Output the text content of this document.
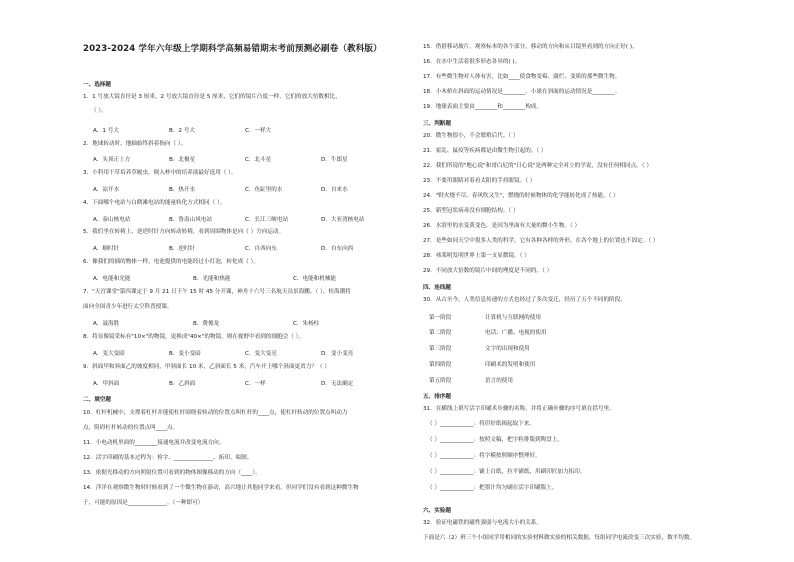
2023-2024 学年六年级上学期科学高频易错期末考前预测必刷卷（教科版）
一、选择题
1．1 号放大镜直径是 3 厘米，2 号放大镜直径是 5 厘米，它们的镜片凸度一样，它们的放大倍数相比，
（ ）。
A．1 号大	B．2 号大	C．一样大
2．地球转动时，地轴始终斜着指向（ ）。
A．头顶正上方	B．北极星	C．北斗星	D．牛郎星
3．小科用干草培养草履虫，倒入杯中的培养液最好选用（ ）。
A．凉开水	B．热开水	C．鱼缸里的水	D．自来水
4．下面哪个电站与白鹤滩电站的能量转化方式相同（ ）。
A．泰山核电站	B．鲁南山风电站	C．长江三峡电站	D．大亚湾核电站
5．我们坐在转椅上，逆逆时针方向转动转椅，看到周围物体是向（ ）方向运动。
A．顺时针	B．逆时针	C．自西向东	D．自东向西
6．像我们的插的物体一样，电池提供的电能经过小灯泡，转化成（ ）。
A．电能和光能	B．光能和热能	C．电能和机械能
7．"天宫课堂"第四课定于 9 月 21 日下午 15 时 45 分开课，神舟十六号三名航天员景海鹏、（ ）、桂海潮将
面向全国青少年进行太空科普授课。
A．聂海胜	B．费俊龙	C．朱杨柱
8．将显像镜采标有"10×"的物镜，更换成"40×"的物镜，则在视野中看到的细胞会（ ）。
A．变大变暗	B．变小变暗	C．变大变亮	D．变小变亮
9．斜面甲和斜面乙的坡度相同，甲斜面长 10 米，乙斜面长 5 米，汽车开上哪个斜面更省力？（ ）
A．甲斜面	B．乙斜面	C．一样	D．无法确定
二、填空题
10．杠杆机械中，支撑着杠杆并能使杠杆围绕着转动的位置点叫杠杆的____点，使杠杆转动的位置点叫动力
点，阻碍杠杆转动的位置点叫____点。
11．小电动机里面的________接通电流并改变电流方向。
12．活字印刷的基本过程为：检字、______________、拓印、晾制。
13．依据光移动的方向照射位置可看到的物体图像移动的方向（____）。
14．洋洋在观察微生物时时候看到了一个微生物在游动，高兴地让其他同学来看，但同学们没有看到这种微生物
于，可能的原因是______________。（一种即可）
15．借借移动玻片，观察标本的各个部分，移动的方向和从目镜里看到的方向正好( )。
16．在水中生活着很多形态各异的( )。
17．有些微生物对人体有害，比如____使食物变霉、腐烂、变质的那些微生物。
18．小木桥在斜面的运动情况是________，小球在斜面的运动情况是________。
19．地球表面主要由________和________构成。
三、判断题
20．微生物很小，不会繁殖后代。（ ）
21．霍乱、鼠疫等疾病都是由微生物引起的。（ ）
22．我们所说的"地心说"和哥白尼的"日心说"是两种完全对立的学说，没有任何相同点。（ ）
23．不要用眼睛对着看太阳的手持眼镜。（ ）
24．"野火烧不尽，春风吹又生"，燃烧的时候物体的化学能转化成了热能。（ ）
25．新型冠状病毒没有细胞结构。（ ）
26．水浴里的水变黄变色，是因为里面有大量的微小生物。（ ）
27．是些如同天空中很多人类的科学，它有各种各样的外形，在各个地上的位置也不固定。（ ）
28．弗莱明发明世界上第一支显微镜。（ ）
29．不同放大倍数的镜片中间的理度是不同的。（ ）
四、连线题
30．从古至今，人类信息传递的方式也经过了多次变迁，经历了五个不同的阶段。
第一阶段	计算机与互联网的使用
第二阶段	电话、广播、电视的使用
第三阶段	文字的出现和使用
第四阶段	印刷术的发明和使用
第五阶段	语言的使用
五、排序题
31．在横线上填写活字印刷术步骤的名称，并将正确步骤的序号填在括号里。
（ ）____________：将印好纸揭起取下来。
（ ）____________：按照文稿，把字粒排版到陶盘上。
（ ）____________：将字模按照顺序整理好。
（ ）____________：铺上白纸，拉平铺纸，用刷印匠加力拓印。
（ ）____________：把墨汁均匀刷在活字印刷版上。
六、实验题
32．验证电磁铁的磁性强弱与电流大小的关系。
下面是六（2）班三个小组同学用相同的实验材料做实验的相关数据，每组同学电流改变三次实验，数平均数。
